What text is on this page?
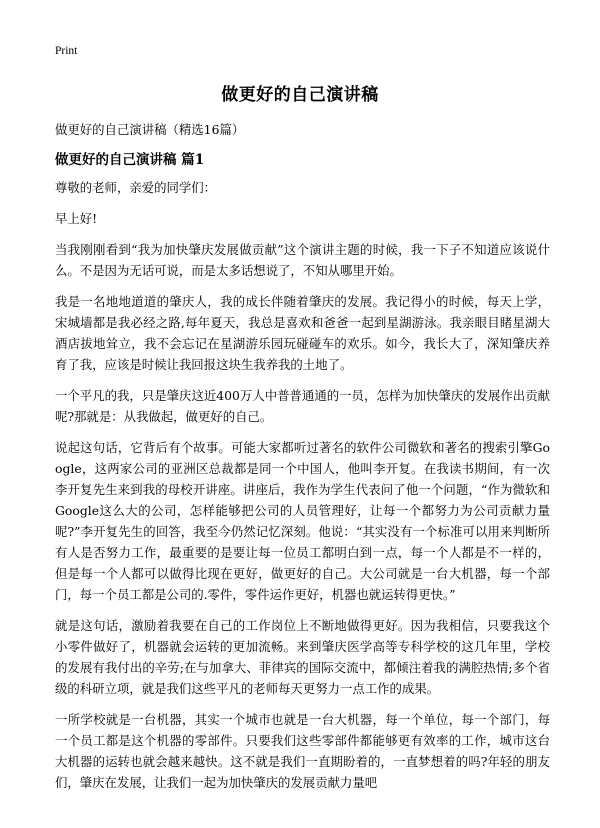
Print
做更好的自己演讲稿

做更好的自己演讲稿（精选16篇）

做更好的自己演讲稿 篇1

尊敬的老师，亲爱的同学们：

早上好!

当我刚刚看到“我为加快肇庆发展做贡献”这个演讲主题的时候，我一下子不知道应该说什么。不是因为无话可说，而是太多话想说了，不知从哪里开始。

我是一名地地道道的肇庆人，我的成长伴随着肇庆的发展。我记得小的时候，每天上学，宋城墙都是我必经之路,每年夏天，我总是喜欢和爸爸一起到星湖游泳。我亲眼目睹星湖大酒店拔地耸立，我不会忘记在星湖游乐园玩碰碰车的欢乐。如今，我长大了，深知肇庆养育了我，应该是时候让我回报这块生我养我的土地了。

一个平凡的我，只是肇庆这近400万人中普普通通的一员，怎样为加快肇庆的发展作出贡献呢?那就是：从我做起，做更好的自己。

说起这句话，它背后有个故事。可能大家都听过著名的软件公司微软和著名的搜索引擎Google，这两家公司的亚洲区总裁都是同一个中国人，他叫李开复。在我读书期间，有一次李开复先生来到我的母校开讲座。讲座后，我作为学生代表问了他一个问题，“作为微软和Google这么大的公司，怎样能够把公司的人员管理好，让每一个都努力为公司贡献力量呢?”李开复先生的回答，我至今仍然记忆深刻。他说：“其实没有一个标准可以用来判断所有人是否努力工作，最重要的是要让每一位员工都明白到一点，每一个人都是不一样的，但是每一个人都可以做得比现在更好，做更好的自己。大公司就是一台大机器，每一个部门，每一个员工都是公司的.零件，零件运作更好，机器也就运转得更快。”

就是这句话，激励着我要在自己的工作岗位上不断地做得更好。因为我相信，只要我这个小零件做好了，机器就会运转的更加流畅。来到肇庆医学高等专科学校的这几年里，学校的发展有我付出的辛劳;在与加拿大、菲律宾的国际交流中，都倾注着我的满腔热情;多个省级的科研立项，就是我们这些平凡的老师每天更努力一点工作的成果。

一所学校就是一台机器，其实一个城市也就是一台大机器，每一个单位，每一个部门，每一个员工都是这个机器的零部件。只要我们这些零部件都能够更有效率的工作，城市这台大机器的运转也就会越来越快。这不就是我们一直期盼着的，一直梦想着的吗?年轻的朋友们，肇庆在发展，让我们一起为加快肇庆的发展贡献力量吧
